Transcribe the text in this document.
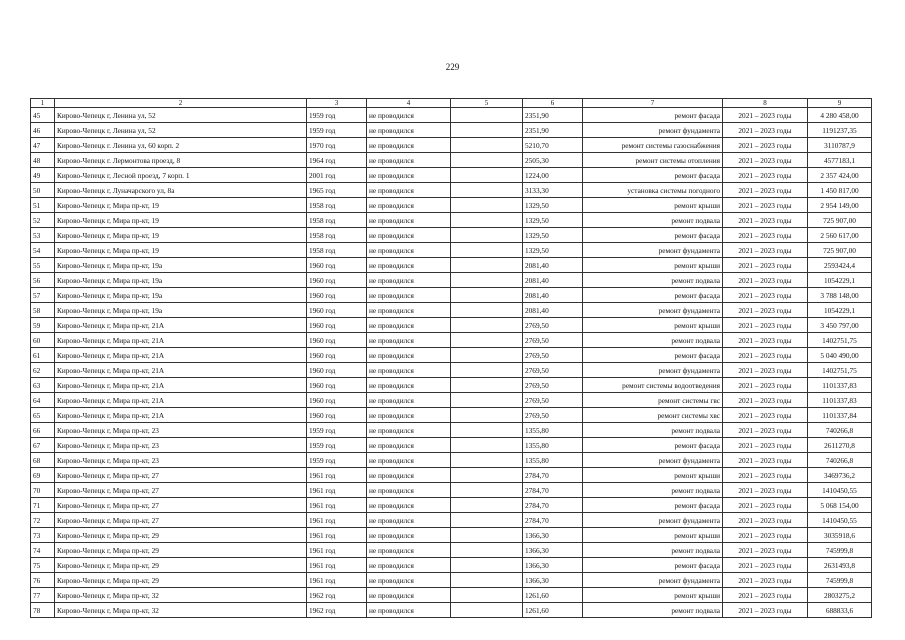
229
1	2	3	4	5	6	7	8	9
45	Кирово-Чепецк г, Ленина ул, 52	1959 год	не проводился		2351,90	ремонт фасада	2021 – 2023 годы	4 280 458,00
46	Кирово-Чепецк г, Ленина ул, 52	1959 год	не проводился		2351,90	ремонт фундамента	2021 – 2023 годы	1191237,35
47	Кирово-Чепецк г. Ленина ул, 60 корп. 2	1970 год	не проводился		5210,70	ремонт системы газоснабжения	2021 – 2023 годы	3110787,9
48	Кирово-Чепецк г. Лермонтова проезд, 8	1964 год	не проводился		2505,30	ремонт системы отопления	2021 – 2023 годы	4577183,1
49	Кирово-Чепецк г, Лесной проезд, 7 корп. 1	2001 год	не проводился		1224,00	ремонт фасада	2021 – 2023 годы	2 357 424,00
50	Кирово-Чепецк г, Луначарского ул, 8а	1965 год	не проводился		3133,30	установка системы погодного	2021 – 2023 годы	1 450 817,00
51	Кирово-Чепецк г, Мира пр-кт, 19	1958 год	не проводился		1329,50	ремонт крыши	2021 – 2023 годы	2 954 149,00
52	Кирово-Чепецк г, Мира пр-кт, 19	1958 год	не проводился		1329,50	ремонт подвала	2021 – 2023 годы	725 907,00
53	Кирово-Чепецк г, Мира пр-кт, 19	1958 год	не проводился		1329,50	ремонт фасада	2021 – 2023 годы	2 560 617,00
54	Кирово-Чепецк г, Мира пр-кт, 19	1958 год	не проводился		1329,50	ремонт фундамента	2021 – 2023 годы	725 907,00
55	Кирово-Чепецк г, Мира пр-кт, 19а	1960 год	не проводился		2081,40	ремонт крыши	2021 – 2023 годы	2593424,4
56	Кирово-Чепецк г, Мира пр-кт, 19а	1960 год	не проводился		2081,40	ремонт подвала	2021 – 2023 годы	1054229,1
57	Кирово-Чепецк г, Мира пр-кт, 19а	1960 год	не проводился		2081,40	ремонт фасада	2021 – 2023 годы	3 788 148,00
58	Кирово-Чепецк г, Мира пр-кт, 19а	1960 год	не проводился		2081,40	ремонт фундамента	2021 – 2023 годы	1054229,1
59	Кирово-Чепецк г, Мира пр-кт, 21А	1960 год	не проводился		2769,50	ремонт крыши	2021 – 2023 годы	3 450 797,00
60	Кирово-Чепецк г, Мира пр-кт, 21А	1960 год	не проводился		2769,50	ремонт подвала	2021 – 2023 годы	1402751,75
61	Кирово-Чепецк г, Мира пр-кт, 21А	1960 год	не проводился		2769,50	ремонт фасада	2021 – 2023 годы	5 040 490,00
62	Кирово-Чепецк г, Мира пр-кт, 21А	1960 год	не проводился		2769,50	ремонт фундамента	2021 – 2023 годы	1402751,75
63	Кирово-Чепецк г, Мира пр-кт, 21А	1960 год	не проводился		2769,50	ремонт системы водоотведения	2021 – 2023 годы	1101337,83
64	Кирово-Чепецк г, Мира пр-кт, 21А	1960 год	не проводился		2769,50	ремонт системы гвс	2021 – 2023 годы	1101337,83
65	Кирово-Чепецк г, Мира пр-кт, 21А	1960 год	не проводился		2769,50	ремонт системы хвс	2021 – 2023 годы	1101337,84
66	Кирово-Чепецк г, Мира пр-кт, 23	1959 год	не проводился		1355,80	ремонт подвала	2021 – 2023 годы	740266,8
67	Кирово-Чепецк г, Мира пр-кт, 23	1959 год	не проводился		1355,80	ремонт фасада	2021 – 2023 годы	2611270,8
68	Кирово-Чепецк г, Мира пр-кт, 23	1959 год	не проводился		1355,80	ремонт фундамента	2021 – 2023 годы	740266,8
69	Кирово-Чепецк г, Мира пр-кт, 27	1961 год	не проводился		2784,70	ремонт крыши	2021 – 2023 годы	3469736,2
70	Кирово-Чепецк г, Мира пр-кт, 27	1961 год	не проводился		2784,70	ремонт подвала	2021 – 2023 годы	1410450,55
71	Кирово-Чепецк г, Мира пр-кт, 27	1961 год	не проводился		2784,70	ремонт фасада	2021 – 2023 годы	5 068 154,00
72	Кирово-Чепецк г, Мира пр-кт, 27	1961 год	не проводился		2784,70	ремонт фундамента	2021 – 2023 годы	1410450,55
73	Кирово-Чепецк г, Мира пр-кт, 29	1961 год	не проводился		1366,30	ремонт крыши	2021 – 2023 годы	3035918,6
74	Кирово-Чепецк г, Мира пр-кт, 29	1961 год	не проводился		1366,30	ремонт подвала	2021 – 2023 годы	745999,8
75	Кирово-Чепецк г, Мира пр-кт, 29	1961 год	не проводился		1366,30	ремонт фасада	2021 – 2023 годы	2631493,8
76	Кирово-Чепецк г, Мира пр-кт, 29	1961 год	не проводился		1366,30	ремонт фундамента	2021 – 2023 годы	745999,8
77	Кирово-Чепецк г, Мира пр-кт, 32	1962 год	не проводился		1261,60	ремонт крыши	2021 – 2023 годы	2803275,2
78	Кирово-Чепецк г, Мира пр-кт, 32	1962 год	не проводился		1261,60	ремонт подвала	2021 – 2023 годы	688833,6
